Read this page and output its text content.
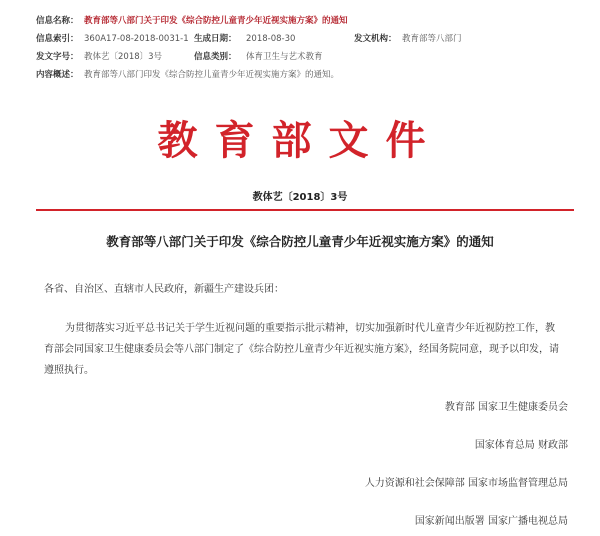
信息名称： 教育部等八部门关于印发《综合防控儿童青少年近视实施方案》的通知
信息索引： 360A17-08-2018-0031-1 生成日期： 2018-08-30	发文机构： 教育部等八部门
发文字号： 教体艺〔2018〕3号	信息类别： 体育卫生与艺术教育
内容概述： 教育部等八部门印发《综合防控儿童青少年近视实施方案》的通知。
教育部文件
教体艺〔2018〕3号
教育部等八部门关于印发《综合防控儿童青少年近视实施方案》的通知
各省、自治区、直辖市人民政府，新疆生产建设兵团：
为贯彻落实习近平总书记关于学生近视问题的重要指示批示精神，切实加强新时代儿童青少年近视防控工作，教育部会同国家卫生健康委员会等八部门制定了《综合防控儿童青少年近视实施方案》，经国务院同意，现予以印发，请遵照执行。
教育部 国家卫生健康委员会
国家体育总局 财政部
人力资源和社会保障部 国家市场监督管理总局
国家新闻出版署 国家广播电视总局
